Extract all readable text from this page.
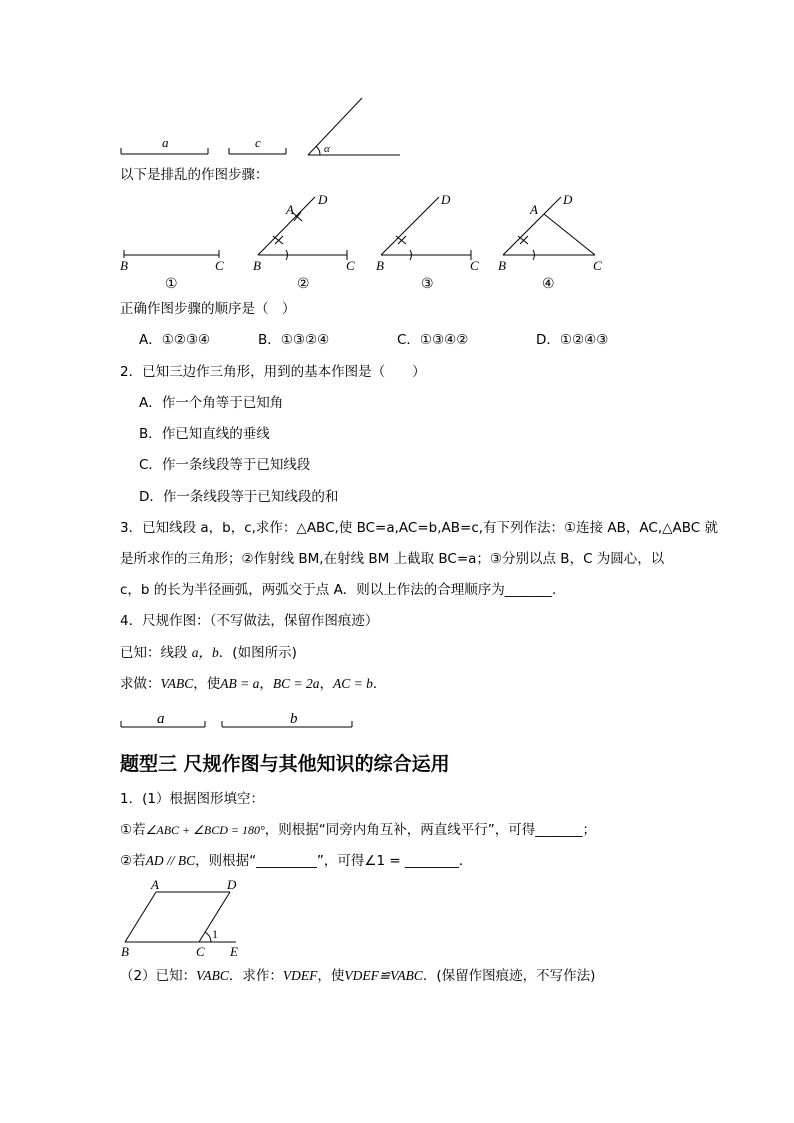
a	c	α
以下是排乱的作图步骤：
B	C
①
A
D
B	C
②
D
B	C
③
A
D
B	C
④
正确作图步骤的顺序是（　）
A．①②③④	B．①③②④	C．①③④②	D．①②④③
2．已知三边作三角形，用到的基本作图是（　　）
A．作一个角等于已知角
B．作已知直线的垂线
C．作一条线段等于已知线段
D．作一条线段等于已知线段的和
3．已知线段 a，b，c,求作：△ABC,使 BC=a,AC=b,AB=c,有下列作法：①连接 AB，AC,△ABC 就
是所求作的三角形；②作射线 BM,在射线 BM 上截取 BC=a；③分别以点 B，C 为圆心，以
c，b 的长为半径画弧，两弧交于点 A．则以上作法的合理顺序为_______.
4．尺规作图：（不写做法，保留作图痕迹）
已知：线段 a，b．(如图所示)
求做：VABC，使AB = a，BC = 2a，AC = b．
a	b
题型三 尺规作图与其他知识的综合运用
1．(1）根据图形填空：
①若∠ABC + ∠BCD = 180°，则根据“同旁内角互补，两直线平行”，可得_______；
②若AD // BC，则根据“_________”，可得∠1 = ________．
A	D
B	C E
1
（2）已知：VABC．求作：VDEF，使VDEF≌VABC．(保留作图痕迹，不写作法)
